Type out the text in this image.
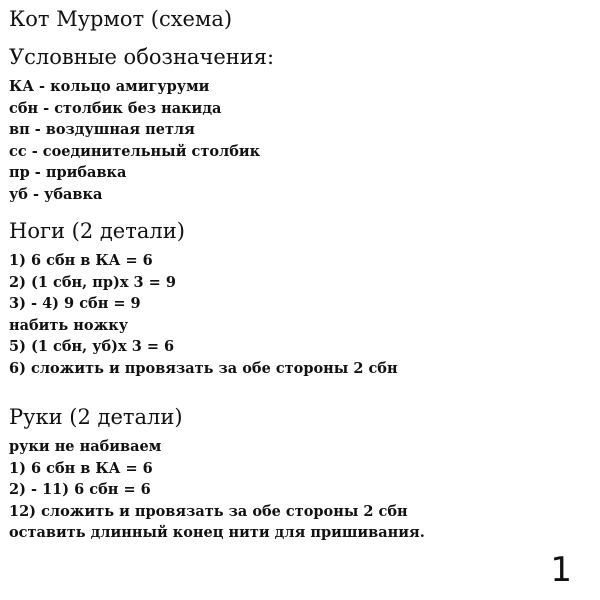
Кот Мурмот (схема)
Условные обозначения:
КА - кольцо амигуруми
сбн - столбик без накида
вп - воздушная петля
сс - соединительный столбик
пр - прибавка
уб - убавка
Ноги (2 детали)
1) 6 сбн в КА = 6
2) (1 сбн, пр)х 3 = 9
3) - 4) 9 сбн = 9
набить ножку
5) (1 сбн, уб)х 3 = 6
6) сложить и провязать за обе стороны 2 сбн
Руки (2 детали)
руки не набиваем
1) 6 сбн в КА = 6
2) - 11) 6 сбн = 6
12) сложить и провязать за обе стороны 2 сбн
оставить длинный конец нити для пришивания.
1
